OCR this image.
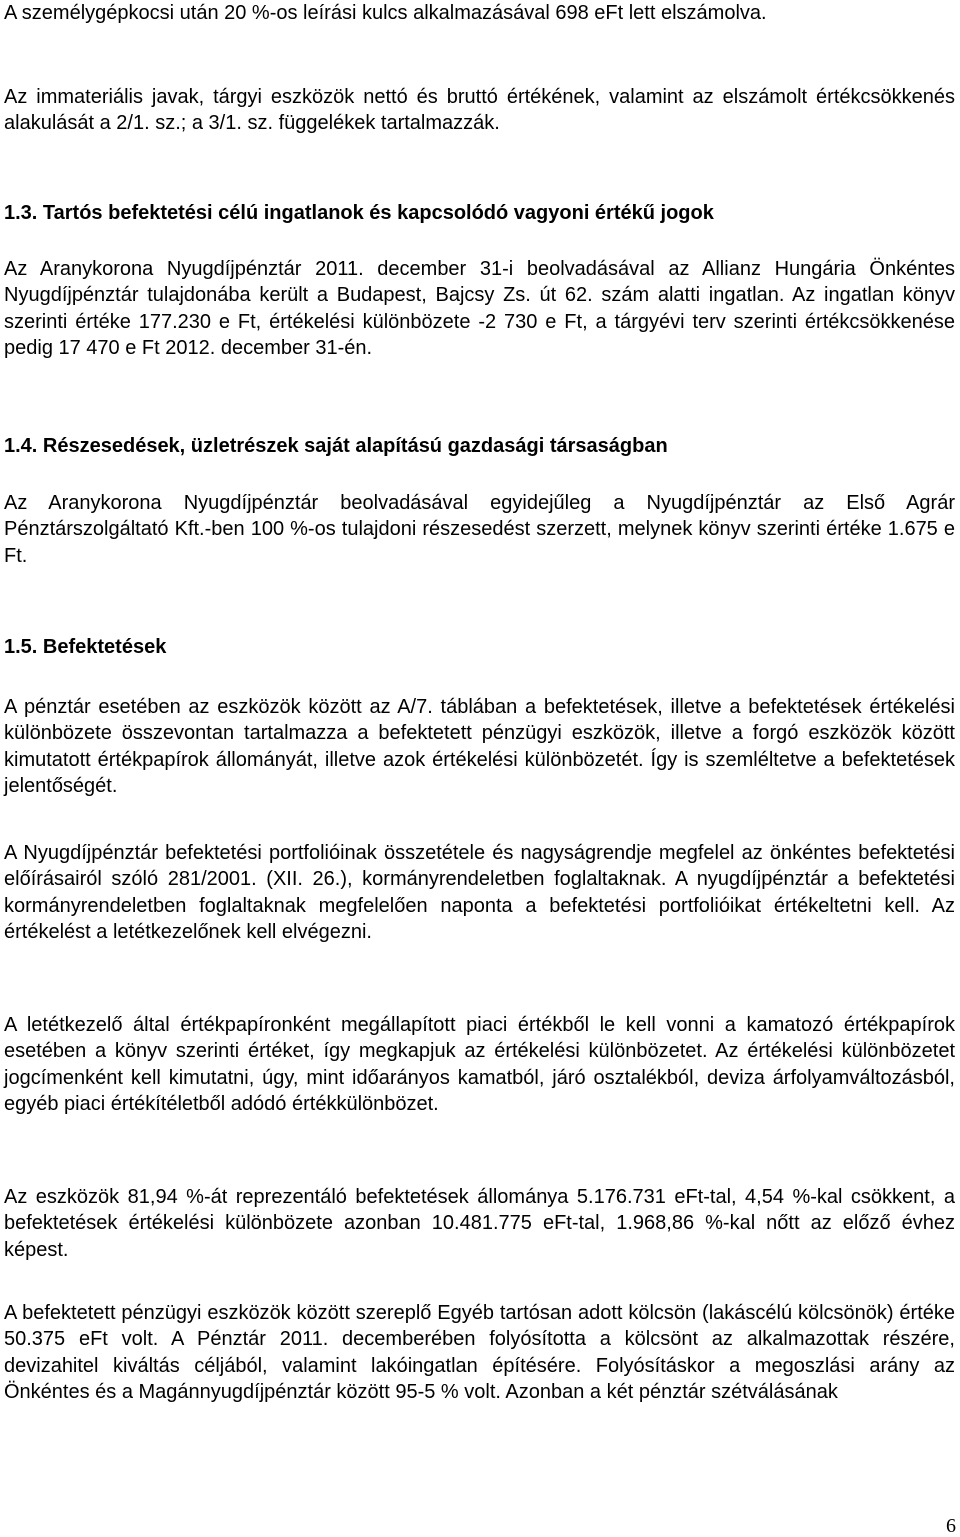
A személygépkocsi után 20 %-os leírási kulcs alkalmazásával 698 eFt lett elszámolva.

Az immateriális javak, tárgyi eszközök nettó és bruttó értékének, valamint az elszámolt értékcsökkenés alakulását a 2/1. sz.; a 3/1. sz. függelékek tartalmazzák.

1.3. Tartós befektetési célú ingatlanok és kapcsolódó vagyoni értékű jogok

Az Aranykorona Nyugdíjpénztár 2011. december 31-i beolvadásával az Allianz Hungária Önkéntes Nyugdíjpénztár tulajdonába került a Budapest, Bajcsy Zs. út 62. szám alatti ingatlan. Az ingatlan könyv szerinti értéke 177.230 e Ft, értékelési különbözete -2 730 e Ft, a tárgyévi terv szerinti értékcsökkenése pedig 17 470 e Ft 2012. december 31-én.

1.4. Részesedések, üzletrészek saját alapítású gazdasági társaságban

Az Aranykorona Nyugdíjpénztár beolvadásával egyidejűleg a Nyugdíjpénztár az Első Agrár Pénztárszolgáltató Kft.-ben 100 %-os tulajdoni részesedést szerzett, melynek könyv szerinti értéke 1.675 e Ft.

1.5. Befektetések

A pénztár esetében az eszközök között az A/7. táblában a befektetések, illetve a befektetések értékelési különbözete összevontan tartalmazza a befektetett pénzügyi eszközök, illetve a forgó eszközök között kimutatott értékpapírok állományát, illetve azok értékelési különbözetét. Így is szemléltetve a befektetések jelentőségét.

A Nyugdíjpénztár befektetési portfolióinak összetétele és nagyságrendje megfelel az önkéntes befektetési előírásairól szóló 281/2001. (XII. 26.), kormányrendeletben foglaltaknak. A nyugdíjpénztár a befektetési kormányrendeletben foglaltaknak megfelelően naponta a befektetési portfolióikat értékeltetni kell. Az értékelést a letétkezelőnek kell elvégezni.

A letétkezelő által értékpapíronként megállapított piaci értékből le kell vonni a kamatozó értékpapírok esetében a könyv szerinti értéket, így megkapjuk az értékelési különbözetet. Az értékelési különbözetet jogcímenként kell kimutatni, úgy, mint időarányos kamatból, járó osztalékból, deviza árfolyamváltozásból, egyéb piaci értékítéletből adódó értékkülönbözet.

Az eszközök 81,94 %-át reprezentáló befektetések állománya 5.176.731 eFt-tal, 4,54 %-kal csökkent, a befektetések értékelési különbözete azonban 10.481.775 eFt-tal, 1.968,86 %-kal nőtt az előző évhez képest.

A befektetett pénzügyi eszközök között szereplő Egyéb tartósan adott kölcsön (lakáscélú kölcsönök) értéke 50.375 eFt volt. A Pénztár 2011. decemberében folyósította a kölcsönt az alkalmazottak részére, devizahitel kiváltás céljából, valamint lakóingatlan építésére. Folyósításkor a megoszlási arány az Önkéntes és a Magánnyugdíjpénztár között 95-5 % volt. Azonban a két pénztár szétválásának

6
